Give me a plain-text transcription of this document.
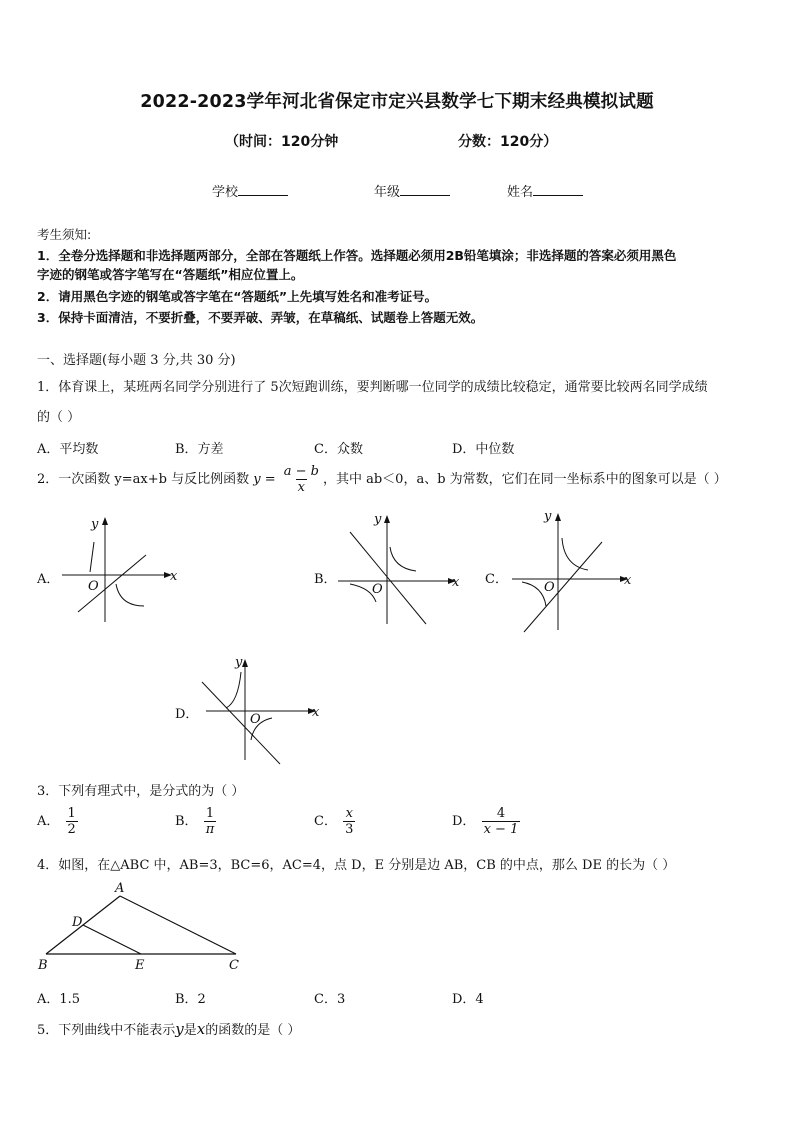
2022-2023学年河北省保定市定兴县数学七下期末经典模拟试题
（时间：120分钟	分数：120分）
学校	年级	姓名
考生须知:
1．全卷分选择题和非选择题两部分，全部在答题纸上作答。选择题必须用2B铅笔填涂；非选择题的答案必须用黑色
字迹的钢笔或答字笔写在“答题纸”相应位置上。
2．请用黑色字迹的钢笔或答字笔在“答题纸”上先填写姓名和准考证号。
3．保持卡面清洁，不要折叠，不要弄破、弄皱，在草稿纸、试题卷上答题无效。
一、选择题(每小题 3 分,共 30 分)
1．体育课上，某班两名同学分别进行了 5次短跑训练，要判断哪一位同学的成绩比较稳定，通常要比较两名同学成绩
的（ ）
A．平均数	B．方差	C．众数	D．中位数
2．一次函数 y=ax+b 与反比例函数 $y = \frac{a - b}{x}$ ，其中 ab＜0，a、b 为常数，它们在同一坐标系中的图象可以是（ ）
A．	B．	C．
D．
x
y
O	x
y
O
x
y
O
x
y
O
3．下列有理式中，是分式的为（ ）
A． $\frac{1}{2}$	B． $\frac{1}{\pi}$	C． $\frac{x}{3}$	D． $\frac{4}{x - 1}$
4．如图，在△ABC 中，AB=3，BC=6，AC=4，点 D，E 分别是边 AB，CB 的中点，那么 DE 的长为（ ）
A
D
B	E	C
A．1.5	B．2	C．3	D．4
5．下列曲线中不能表示y是x的函数的是（ ）
